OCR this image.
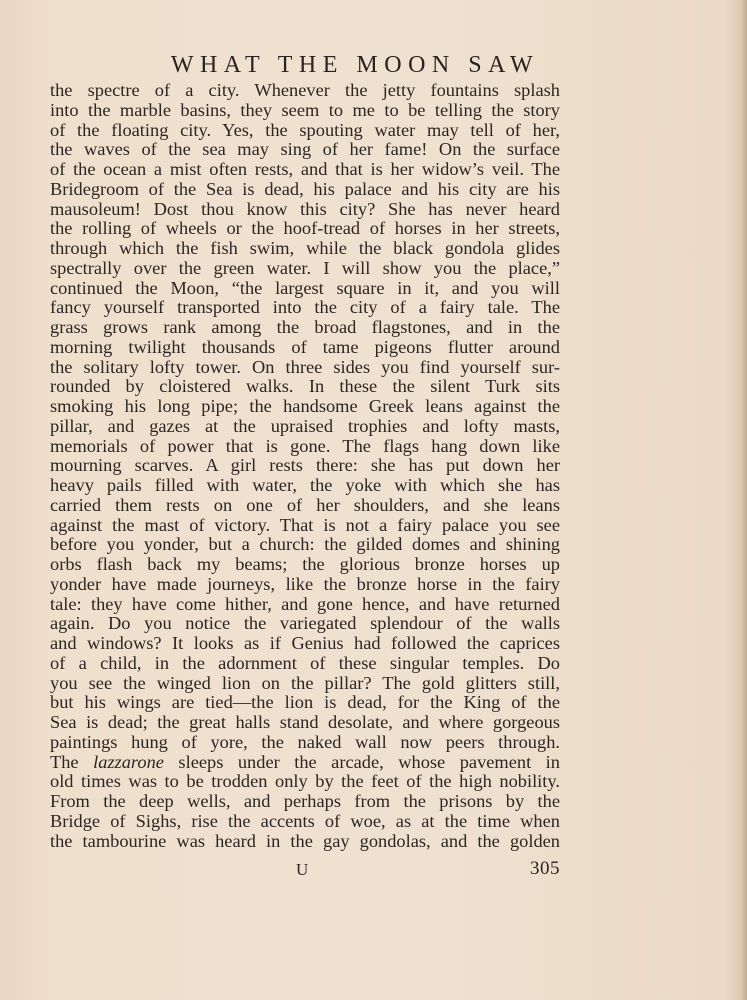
WHAT THE MOON SAW
the spectre of a city. Whenever the jetty fountains splash
into the marble basins, they seem to me to be telling the story
of the floating city. Yes, the spouting water may tell of her,
the waves of the sea may sing of her fame! On the surface
of the ocean a mist often rests, and that is her widow’s veil. The
Bridegroom of the Sea is dead, his palace and his city are his
mausoleum! Dost thou know this city? She has never heard
the rolling of wheels or the hoof-tread of horses in her streets,
through which the fish swim, while the black gondola glides
spectrally over the green water. I will show you the place,”
continued the Moon, “the largest square in it, and you will
fancy yourself transported into the city of a fairy tale. The
grass grows rank among the broad flagstones, and in the
morning twilight thousands of tame pigeons flutter around
the solitary lofty tower. On three sides you find yourself sur-
rounded by cloistered walks. In these the silent Turk sits
smoking his long pipe; the handsome Greek leans against the
pillar, and gazes at the upraised trophies and lofty masts,
memorials of power that is gone. The flags hang down like
mourning scarves. A girl rests there: she has put down her
heavy pails filled with water, the yoke with which she has
carried them rests on one of her shoulders, and she leans
against the mast of victory. That is not a fairy palace you see
before you yonder, but a church: the gilded domes and shining
orbs flash back my beams; the glorious bronze horses up
yonder have made journeys, like the bronze horse in the fairy
tale: they have come hither, and gone hence, and have returned
again. Do you notice the variegated splendour of the walls
and windows? It looks as if Genius had followed the caprices
of a child, in the adornment of these singular temples. Do
you see the winged lion on the pillar? The gold glitters still,
but his wings are tied—the lion is dead, for the King of the
Sea is dead; the great halls stand desolate, and where gorgeous
paintings hung of yore, the naked wall now peers through.
The lazzarone sleeps under the arcade, whose pavement in
old times was to be trodden only by the feet of the high nobility.
From the deep wells, and perhaps from the prisons by the
Bridge of Sighs, rise the accents of woe, as at the time when
the tambourine was heard in the gay gondolas, and the golden
U	305
